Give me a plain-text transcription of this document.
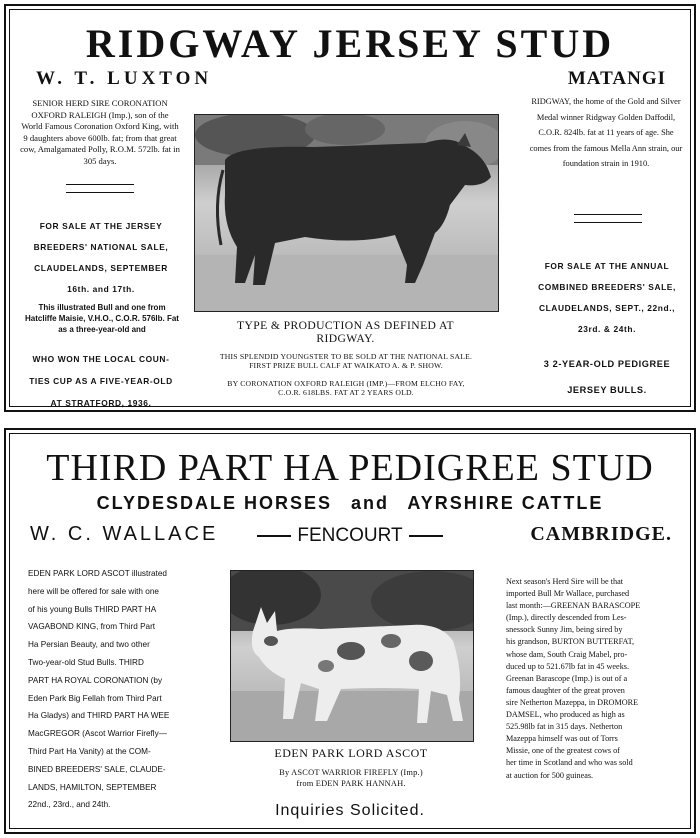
RIDGWAY JERSEY STUD
W. T. LUXTON	MATANGI
SENIOR HERD SIRE CORONATION OXFORD RALEIGH (Imp.), son of the World Famous Coronation Oxford King, with 9 daughters above 600lb. fat; from that great cow, Amalgamated Polly, R.O.M. 572lb. fat in 305 days.
FOR SALE AT THE JERSEY
BREEDERS' NATIONAL SALE,
CLAUDELANDS, SEPTEMBER
16th. and 17th.
This illustrated Bull and one from Hatcliffe Maisie, V.H.O., C.O.R. 576lb. Fat as a three-year-old and
WHO WON THE LOCAL COUN-
TIES CUP AS A FIVE-YEAR-OLD
AT STRATFORD, 1936.
TYPE & PRODUCTION AS DEFINED AT
RIDGWAY.
THIS SPLENDID YOUNGSTER TO BE SOLD AT THE NATIONAL SALE.
FIRST PRIZE BULL CALF AT WAIKATO A. & P. SHOW.
BY CORONATION OXFORD RALEIGH (IMP.)—FROM ELCHO FAY,
C.O.R. 618LBS. FAT AT 2 YEARS OLD.
RIDGWAY, the home of the Gold and Silver Medal winner Ridgway Golden Daffodil, C.O.R. 824lb. fat at 11 years of age. She comes from the famous Mella Ann strain, our foundation strain in 1910.
FOR SALE AT THE ANNUAL
COMBINED BREEDERS' SALE,
CLAUDELANDS, SEPT., 22nd.,
23rd. & 24th.
3 2-YEAR-OLD PEDIGREE
JERSEY BULLS.
THIRD PART HA PEDIGREE STUD
CLYDESDALE HORSES and AYRSHIRE CATTLE
W. C. WALLACE	FENCOURT	CAMBRIDGE.
EDEN PARK LORD ASCOT illustrated
here will be offered for sale with one
of his young Bulls THIRD PART HA
VAGABOND KING, from Third Part
Ha Persian Beauty, and two other
Two-year-old Stud Bulls. THIRD
PART HA ROYAL CORONATION (by
Eden Park Big Fellah from Third Part
Ha Gladys) and THIRD PART HA WEE
MacGREGOR (Ascot Warrior Firefly—
Third Part Ha Vanity) at the COM-
BINED BREEDERS' SALE, CLAUDE-
LANDS, HAMILTON, SEPTEMBER
22nd., 23rd., and 24th.
EDEN PARK LORD ASCOT
By ASCOT WARRIOR FIREFLY (Imp.)
from EDEN PARK HANNAH.
Next season's Herd Sire will be that
imported Bull Mr Wallace, purchased
last month:—GREENAN BARASCOPE
(Imp.), directly descended from Les-
snessock Sunny Jim, being sired by
his grandson, BURTON BUTTERFAT,
whose dam, South Craig Mabel, pro-
duced up to 521.67lb fat in 45 weeks.
Greenan Barascope (Imp.) is out of a
famous daughter of the great proven
sire Netherton Mazeppa, in DROMORE
DAMSEL, who produced as high as
525.98lb fat in 315 days. Netherton
Mazeppa himself was out of Torrs
Missie, one of the greatest cows of
her time in Scotland and who was sold
at auction for 500 guineas.
Inquiries Solicited.
